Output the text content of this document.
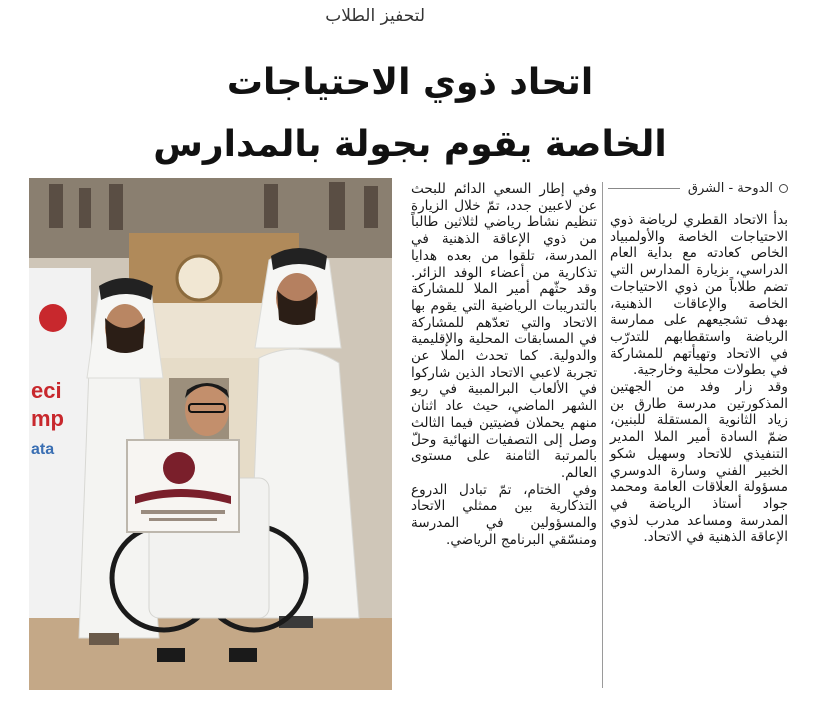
لتحفيز الطلاب
اتحاد ذوي الاحتياجات
الخاصة يقوم بجولة بالمدارس
eci
mp
ata
الدوحة - الشرق

بدأ الاتحاد القطري لرياضة ذوي الاحتياجات الخاصة والأولمبياد الخاص كعادته مع بداية العام الدراسي، بزيارة المدارس التي تضم طلاباً من ذوي الاحتياجات الخاصة والإعاقات الذهنية، بهدف تشجيعهم على ممارسة الرياضة واستقطابهم للتدرّب في الاتحاد وتهيأتهم للمشاركة في بطولات محلية وخارجية.

وقد زار وفد من الجهتين المذكورتين مدرسة طارق بن زياد الثانوية المستقلة للبنين، ضمّ السادة أمير الملا المدير التنفيذي للاتحاد وسهيل شكو الخبير الفني وسارة الدوسري مسؤولة العلاقات العامة ومحمد جواد أستاذ الرياضة في المدرسة ومساعد مدرب لذوي الإعاقة الذهنية في الاتحاد.

وفي إطار السعي الدائم للبحث عن لاعبين جدد، تمّ خلال الزيارة تنظيم نشاط رياضي لثلاثين طالباً من ذوي الإعاقة الذهنية في المدرسة، تلقوا من بعده هدايا تذكارية من أعضاء الوفد الزائر. وقد حثّهم أمير الملا للمشاركة بالتدريبات الرياضية التي يقوم بها الاتحاد والتي تعدّهم للمشاركة في المسابقات المحلية والإقليمية والدولية. كما تحدث الملا عن تجربة لاعبي الاتحاد الذين شاركوا في الألعاب البرالمبية في ريو الشهر الماضي، حيث عاد اثنان منهم يحملان فضيتين فيما الثالث وصل إلى التصفيات النهائية وحلّ بالمرتبة الثامنة على مستوى العالم.

وفي الختام، تمّ تبادل الدروع التذكارية بين ممثلي الاتحاد والمسؤولين في المدرسة ومنسّقي البرنامج الرياضي.
